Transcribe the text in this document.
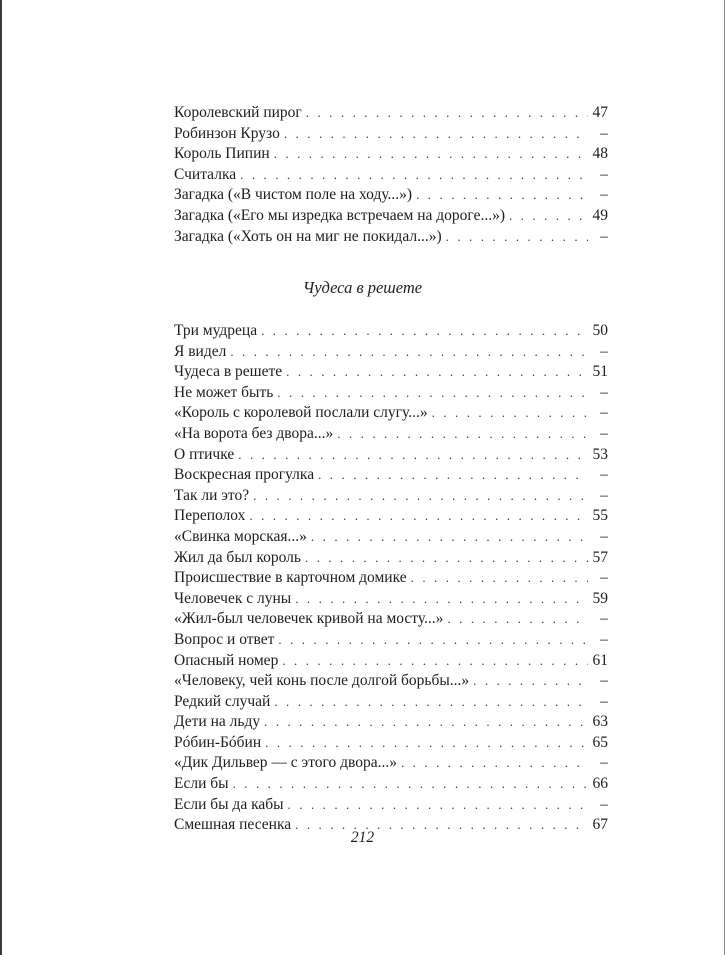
Королевский пирог . . .	47
Робинзон Крузо . . .	–
Король Пипин . . .	48
Считалка . . .	–
Загадка («В чистом поле на ходу...») . . .	–
Загадка («Его мы изредка встречаем на дороге...») . . .	49
Загадка («Хоть он на миг не покидал...») . . .	–
Чудеса в решете
Три мудреца . . .	50
Я видел . . .	–
Чудеса в решете . . .	51
Не может быть . . .	–
«Король с королевой послали слугу...» . . .	–
«На ворота без двора...» . . .	–
О птичке . . .	53
Воскресная прогулка . . .	–
Так ли это? . . .	–
Переполох . . .	55
«Свинка морская...» . . .	–
Жил да был король . . .	57
Происшествие в карточном домике . . .	–
Человечек с луны . . .	59
«Жил-был человечек кривой на мосту...» . . .	–
Вопрос и ответ . . .	–
Опасный номер . . .	61
«Человеку, чей конь после долгой борьбы...» . . .	–
Редкий случай . . .	–
Дети на льду . . .	63
Рóбин-Бóбин . . .	65
«Дик Дильвер — с этого двора...» . . .	–
Если бы . . .	66
Если бы да кабы . . .	–
Смешная песенка . . .	67
212
